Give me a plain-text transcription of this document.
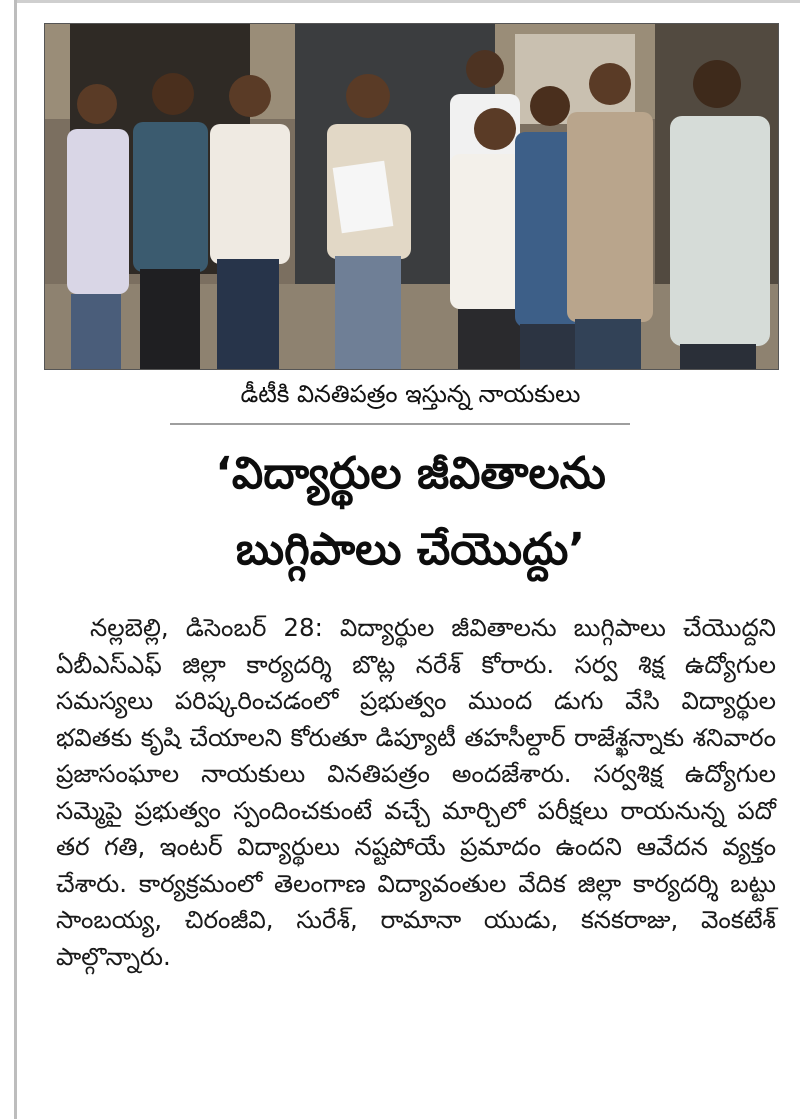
డీటీకి వినతిపత్రం ఇస్తున్న నాయకులు
‘విద్యార్థుల జీవితాలను
బుగ్గిపాలు చేయొద్దు’
నల్లబెల్లి, డిసెంబర్ 28: విద్యార్థుల జీవితాలను బుగ్గిపాలు చేయొద్దని ఏబీఎస్ఎఫ్ జిల్లా కార్యదర్శి బొట్ల నరేశ్ కోరారు. సర్వ శిక్ష ఉద్యోగుల సమస్యలు పరిష్కరించడంలో ప్రభుత్వం ముంద డుగు వేసి విద్యార్థుల భవితకు కృషి చేయాలని కోరుతూ డిప్యూటీ తహసీల్దార్ రాజేశ్ఖన్నాకు శనివారం ప్రజాసంఘాల నాయకులు వినతిపత్రం అందజేశారు. సర్వశిక్ష ఉద్యోగుల సమ్మెపై ప్రభుత్వం స్పందించకుంటే వచ్చే మార్చిలో పరీక్షలు రాయనున్న పదో తర గతి, ఇంటర్ విద్యార్థులు నష్టపోయే ప్రమాదం ఉందని ఆవేదన వ్యక్తం చేశారు. కార్యక్రమంలో తెలంగాణ విద్యావంతుల వేదిక జిల్లా కార్యదర్శి బట్టు సాంబయ్య, చిరంజీవి, సురేశ్, రామానా యుడు, కనకరాజు, వెంకటేశ్ పాల్గొన్నారు.
